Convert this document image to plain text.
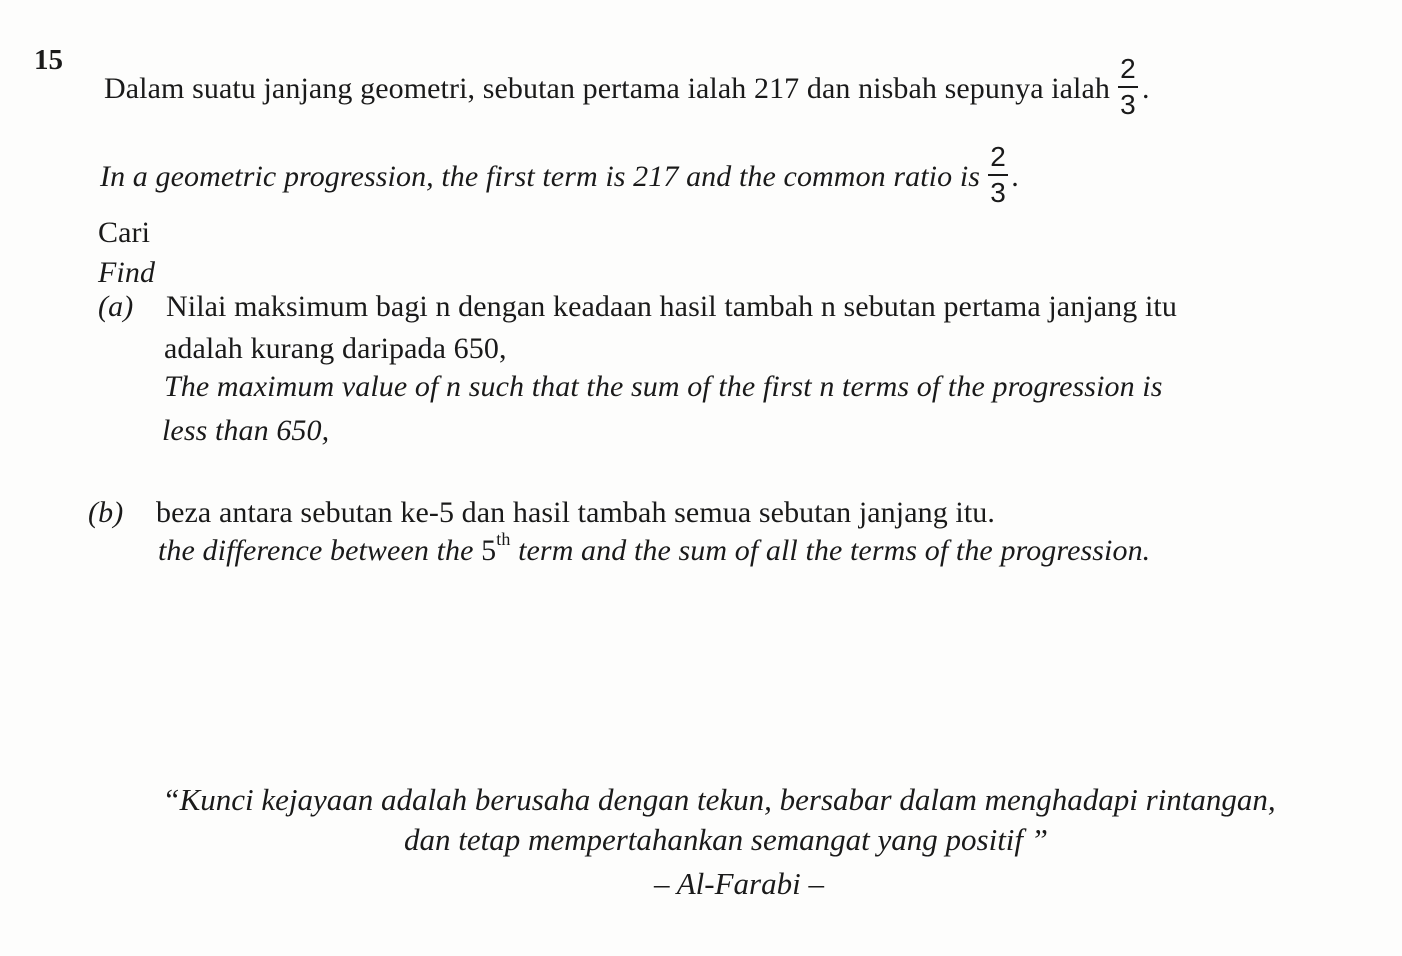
15
Dalam suatu janjang geometri, sebutan pertama ialah 217 dan nisbah sepunya ialah $\frac{2}{3}$ .
In a geometric progression, the first term is 217 and the common ratio is $\frac{2}{3}$ .
Cari
Find
(a) Nilai maksimum bagi n dengan keadaan hasil tambah n sebutan pertama janjang itu
adalah kurang daripada 650,
The maximum value of n such that the sum of the first n terms of the progression is
less than 650,
(b) beza antara sebutan ke-5 dan hasil tambah semua sebutan janjang itu.
the difference between the 5th term and the sum of all the terms of the progression.
“Kunci kejayaan adalah berusaha dengan tekun, bersabar dalam menghadapi rintangan,
dan tetap mempertahankan semangat yang positif ”
– Al-Farabi –
